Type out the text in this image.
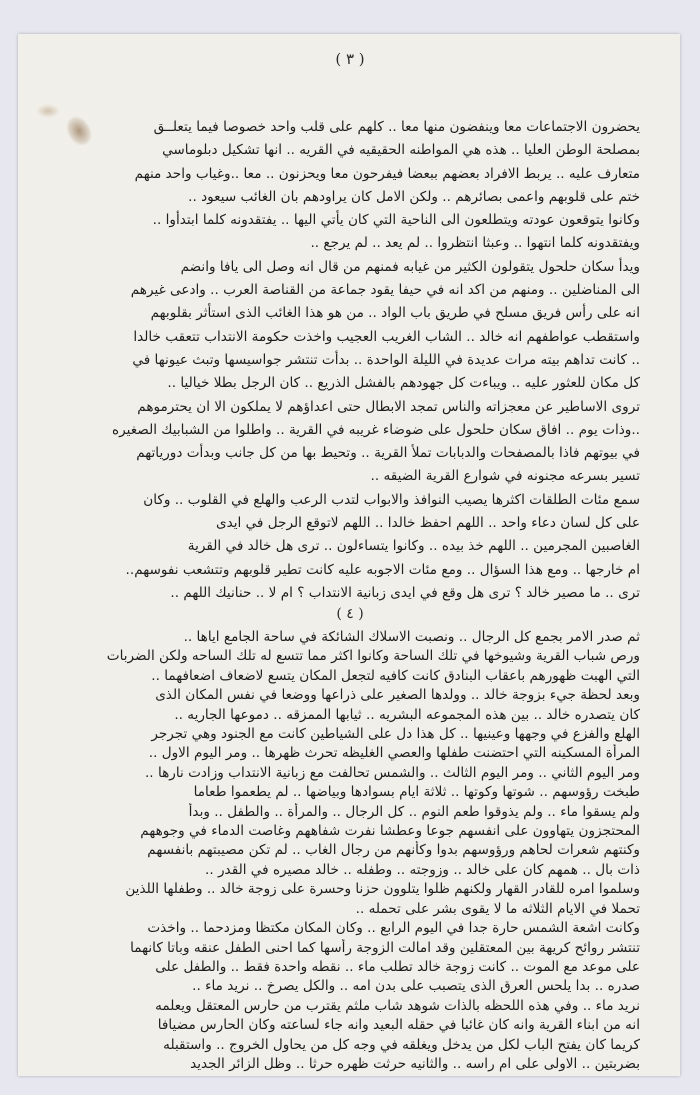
( ٣ )
يحضرون الاجتماعات معا وينفضون منها معا .. كلهم على قلب واحد خصوصا فيما يتعلــق
بمصلحة الوطن العليا .. هذه هي المواطنه الحقيقيه في القريه .. انها تشكيل دبلوماسي
متعارف عليه .. يربط الافراد بعضهم ببعضا فيفرحون معا ويحزنون .. معا ..وغياب واحد منهم
ختم على قلوبهم واعمى بصائرهم .. ولكن الامل كان يراودهم بان الغائب سيعود ..
وكانوا يتوقعون عودته ويتطلعون الى الناحية التي كان يأتي اليها .. يفتقدونه كلما ابتدأوا ..
ويفتقدونه كلما انتهوا .. وعبثا انتظروا .. لم يعد .. لم يرجع ..
ويدأ سكان حلحول يتقولون الكثير من غيابه فمنهم من قال انه وصل الى يافا وانضم
الى المناضلين .. ومنهم من اكد انه في حيفا يقود جماعة من القناصة العرب .. وادعى غيرهم
انه على رأس فريق مسلح في طريق باب الواد .. من هو هذا الغائب الذى استأثر بقلوبهم
واستقطب عواطفهم انه خالد .. الشاب الغريب العجيب واخذت حكومة الانتداب تتعقب خالدا
.. كانت تداهم بيته مرات عديدة في الليلة الواحدة .. بدأت تنتشر جواسيسها وتبث عيونها في
كل مكان للعثور عليه .. ويباءت كل جهودهم بالفشل الذريع .. كان الرجل بطلا خياليا ..
تروى الاساطير عن معجزاته والناس تمجد الابطال حتى اعداؤهم لا يملكون الا ان يحترموهم
..وذات يوم .. افاق سكان حلحول على ضوضاء غريبه في القرية .. واطلوا من الشبابيك الصغيره
في بيوتهم فاذا بالمصفحات والدبابات تملأ القرية .. وتحيط بها من كل جانب وبدأت دورياتهم
تسير بسرعه مجنونه في شوارع القرية الضيقه ..
سمع مئات الطلقات اكثرها يصيب النوافذ والابواب لتدب الرعب والهلع في القلوب .. وكان
على كل لسان دعاء واحد .. اللهم احفظ خالدا .. اللهم لاتوقع الرجل في ايدى
الغاصبين المجرمين .. اللهم خذ بيده .. وكانوا يتساءلون .. ترى هل خالد في القرية
ام خارجها .. ومع هذا السؤال .. ومع مئات الاجوبه عليه كانت تطير قلوبهم وتتشعب نفوسهم..
ترى .. ما مصير خالد ؟ ترى هل وقع في ايدى زبانية الانتداب ؟ ام لا .. حنانيك اللهم ..
( ٤ )
ثم صدر الامر بجمع كل الرجال .. ونصبت الاسلاك الشائكة في ساحة الجامع اياها ..
ورص شباب القرية وشيوخها في تلك الساحة وكانوا اكثر مما تتسع له تلك الساحه ولكن الضربات
التي الهبت ظهورهم باعقاب البنادق كانت كافيه لتجعل المكان يتسع لاضعاف اضعافهما ..
وبعد لحظة جيء بزوجة خالد .. وولدها الصغير على ذراعها ووضعا في نفس المكان الذى
كان يتصدره خالد .. بين هذه المجموعه البشريه .. ثيابها الممزقه .. دموعها الجاريه ..
الهلع والفزع في وجهها وعينيها .. كل هذا دل على الشياطين كانت مع الجنود وهي تجرجر
المرأة المسكينه التي احتضنت طفلها والعصي الغليظه تحرث ظهرها .. ومر اليوم الاول ..
ومر اليوم الثاني .. ومر اليوم الثالث .. والشمس تحالفت مع زبانية الانتداب وزادت نارها ..
طبخت رؤوسهم .. شوتها وكوتها .. ثلاثة ايام بسوادها وبياضها .. لم يطعموا طعاما
ولم يسقوا ماء .. ولم يذوقوا طعم النوم .. كل الرجال .. والمرأة .. والطفل .. وبدأ
المحتجزون يتهاوون على انفسهم جوعا وعطشا نفرت شفاههم وغاصت الدماء في وجوههم
وكنتهم شعرات لحاهم ورؤوسهم بدوا وكأنهم من رجال الغاب .. لم تكن مصيبتهم بانفسهم
ذات بال .. همهم كان على خالد .. وزوجته .. وطفله .. خالد مصيره في القدر ..
وسلموا امره للقادر القهار ولكنهم ظلوا يتلوون حزنا وحسرة على زوجة خالد .. وطفلها اللذين
تحملا في الايام الثلاثه ما لا يقوى بشر على تحمله ..
وكانت اشعة الشمس حارة جدا في اليوم الرابع .. وكان المكان مكتظا ومزدحما .. واخذت
تنتشر روائح كريهة بين المعتقلين وقد امالت الزوجة رأسها كما احنى الطفل عنقه وباتا كانهما
على موعد مع الموت .. كانت زوجة خالد تطلب ماء .. نقطه واحدة فقط .. والطفل على
صدره .. بدا يلحس العرق الذى يتصبب على بدن امه .. والكل يصرخ .. نريد ماء ..
نريد ماء .. وفي هذه اللحظه بالذات شوهد شاب ملثم يقترب من حارس المعتقل ويعلمه
انه من ابناء القرية وانه كان غائبا في حقله البعيد وانه جاء لساعته وكان الحارس مضيافا
كريما كان يفتح الباب لكل من يدخل ويغلقه في وجه كل من يحاول الخروج .. واستقبله
بضربتين .. الاولى على ام راسه .. والثانيه حرثت ظهره حرثا .. وظل الزائر الجديد
